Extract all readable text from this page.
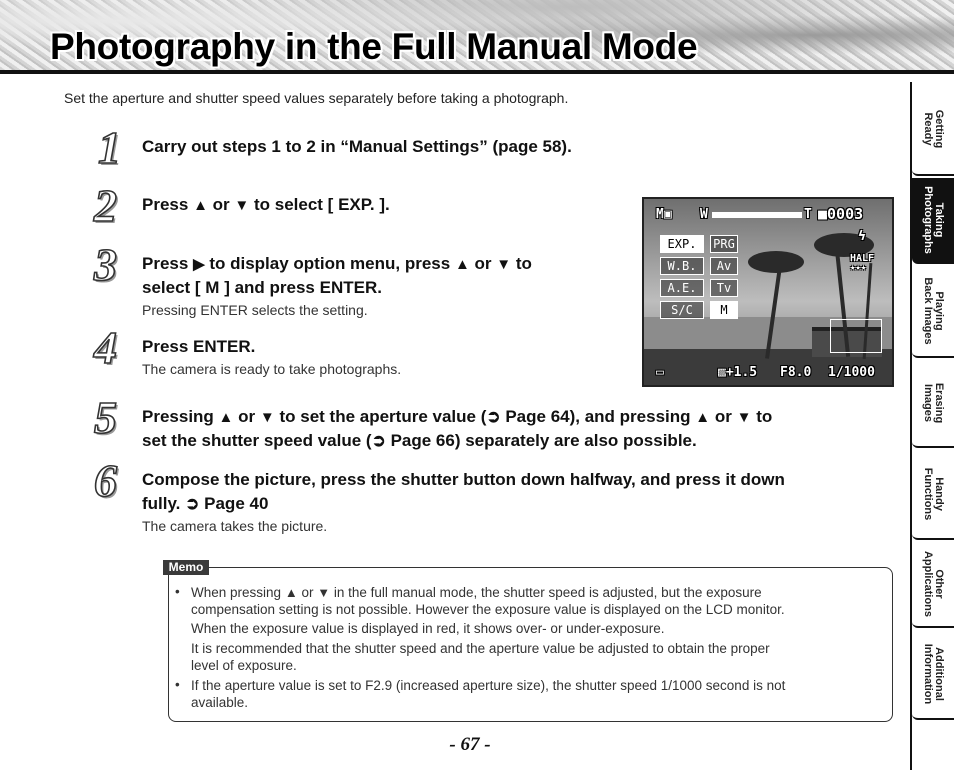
Photography in the Full Manual Mode

Set the aperture and shutter speed values separately before taking a photograph.

1	Carry out steps 1 to 2 in “Manual Settings” (page 58).
2	Press ▲ or ▼ to select [ EXP. ].
3	Press ▶ to display option menu, press ▲ or ▼ to
select [ M ] and press ENTER.
Pressing ENTER selects the setting.
4	Press ENTER.
The camera is ready to take photographs.
5	Pressing ▲ or ▼ to set the aperture value (➲ Page 64), and pressing ▲ or ▼ to
set the shutter speed value (➲ Page 66) separately are also possible.
6	Compose the picture, press the shutter button down halfway, and press it down
fully. ➲ Page 40
The camera takes the picture.
M▣ W	T ■0003
EXP.
W.B.
A.E.
S/C
PRG
Av
Tv
M
ϟ
HALF
★★★
▭	▨+1.5 F8.0 1/1000
Memo
• When pressing ▲ or ▼ in the full manual mode, the shutter speed is adjusted, but the exposure
compensation setting is not possible. However the exposure value is displayed on the LCD monitor.
When the exposure value is displayed in red, it shows over- or under-exposure.
It is recommended that the shutter speed and the aperture value be adjusted to obtain the proper
level of exposure.
• If the aperture value is set to F2.9 (increased aperture size), the shutter speed 1/1000 second is not
available.
- 67 -
Getting
Ready
Taking
Photographs
Playing
Back Images
Erasing
Images
Handy
Functions
Other
Applications
Additional
Information
